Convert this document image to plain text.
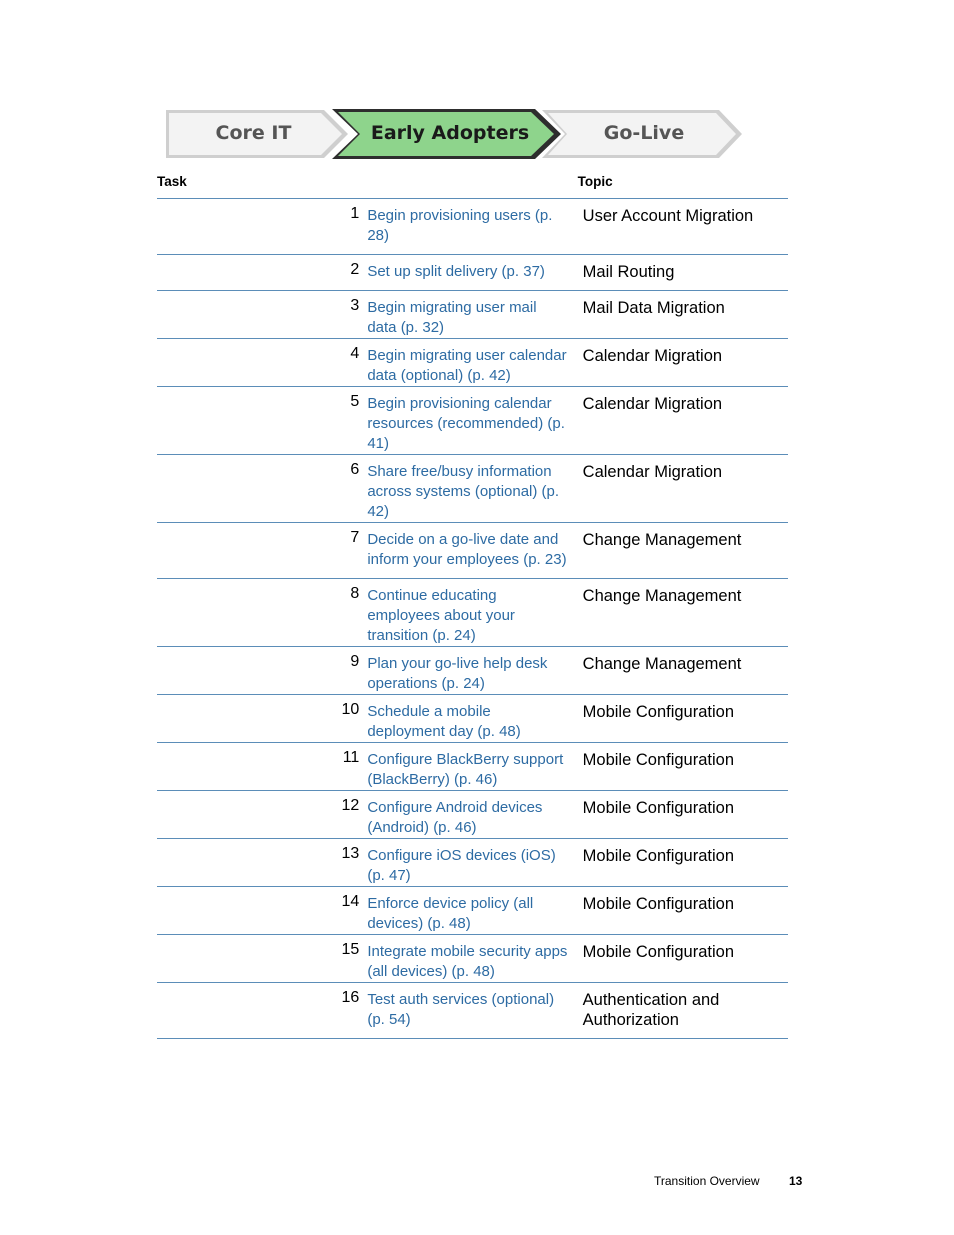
Core IT	Early Adopters	Go-Live
Task		Topic
1	Begin provisioning users (p. 28)	User Account Migration
2	Set up split delivery (p. 37)	Mail Routing
3	Begin migrating user mail data (p. 32)	Mail Data Migration
4	Begin migrating user calendar data (optional) (p. 42)	Calendar Migration
5	Begin provisioning calendar resources (recommended) (p. 41)	Calendar Migration
6	Share free/busy information across systems (optional) (p. 42)	Calendar Migration
7	Decide on a go-live date and inform your employees (p. 23)	Change Management
8	Continue educating employees about your transition (p. 24)	Change Management
9	Plan your go-live help desk operations (p. 24)	Change Management
10	Schedule a mobile deployment day (p. 48)	Mobile Configuration
11	Configure BlackBerry support (BlackBerry) (p. 46)	Mobile Configuration
12	Configure Android devices (Android) (p. 46)	Mobile Configuration
13	Configure iOS devices (iOS) (p. 47)	Mobile Configuration
14	Enforce device policy (all devices) (p. 48)	Mobile Configuration
15	Integrate mobile security apps (all devices) (p. 48)	Mobile Configuration
16	Test auth services (optional) (p. 54)	Authentication and Authorization
Transition Overview 13
